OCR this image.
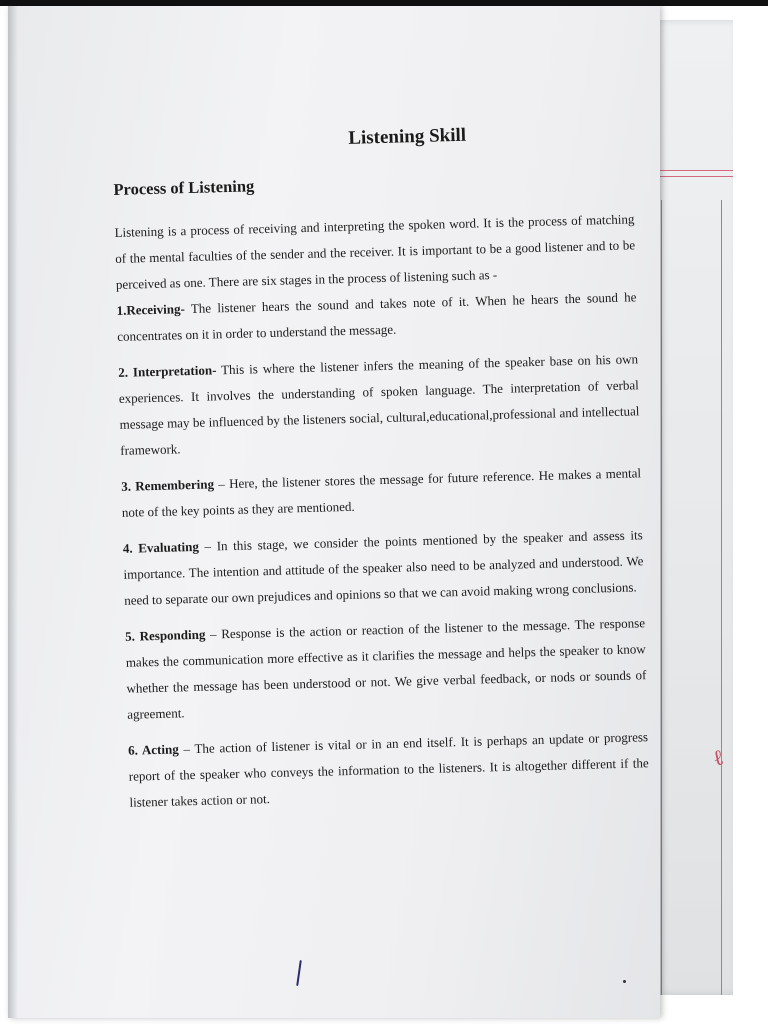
ℓ
Listening Skill
Process of Listening

Listening is a process of receiving and interpreting the spoken word. It is the process of matching of the mental faculties of the sender and the receiver. It is important to be a good listener and to be perceived as one. There are six stages in the process of listening such as -
1.Receiving- The listener hears the sound and takes note of it. When he hears the sound he concentrates on it in order to understand the message.

2. Interpretation- This is where the listener infers the meaning of the speaker base on his own experiences. It involves the understanding of spoken language. The interpretation of verbal message may be influenced by the listeners social, cultural,educational,professional and intellectual framework.

3. Remembering – Here, the listener stores the message for future reference. He makes a mental note of the key points as they are mentioned.

4. Evaluating – In this stage, we consider the points mentioned by the speaker and assess its importance. The intention and attitude of the speaker also need to be analyzed and understood. We need to separate our own prejudices and opinions so that we can avoid making wrong conclusions.

5. Responding – Response is the action or reaction of the listener to the message. The response makes the communication more effective as it clarifies the message and helps the speaker to know whether the message has been understood or not. We give verbal feedback, or nods or sounds of agreement.

6. Acting – The action of listener is vital or in an end itself. It is perhaps an update or progress report of the speaker who conveys the information to the listeners. It is altogether different if the listener takes action or not.
